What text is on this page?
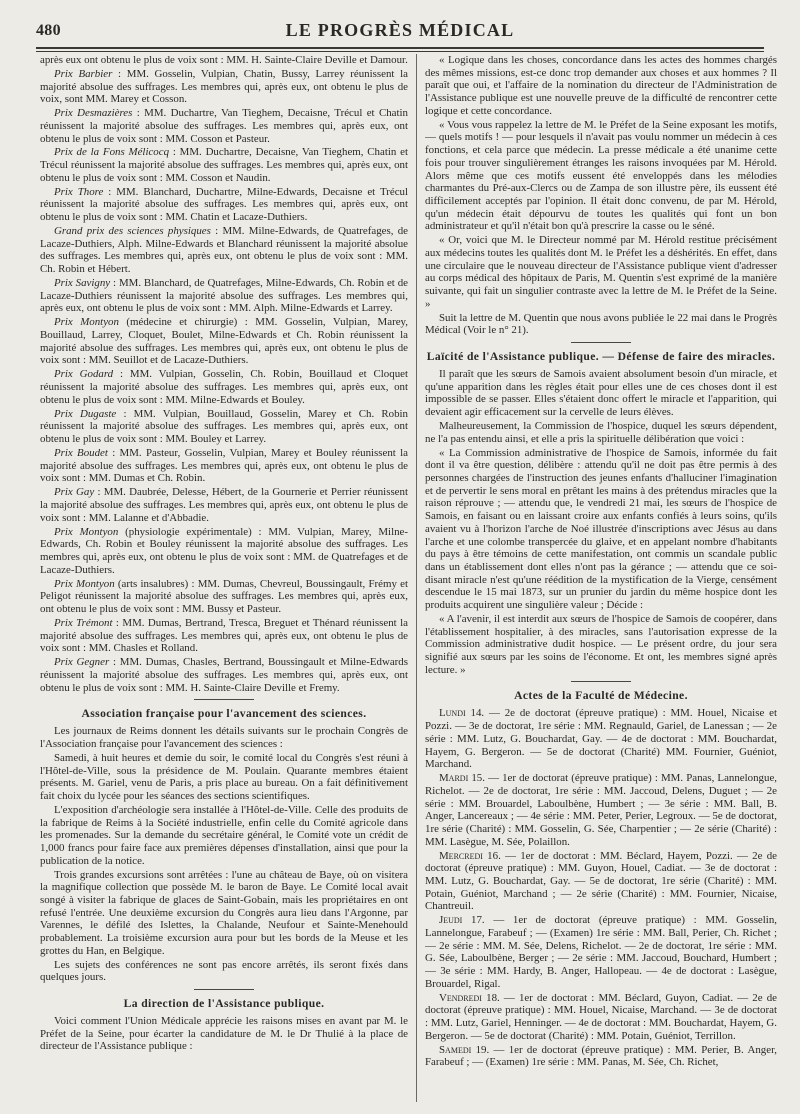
480	LE PROGRÈS MÉDICAL

après eux ont obtenu le plus de voix sont : MM. H. Sainte-Claire Deville et Damour.

Prix Barbier : MM. Gosselin, Vulpian, Chatin, Bussy, Larrey réunissent la majorité absolue des suffrages. Les membres qui, après eux, ont obtenu le plus de voix, sont MM. Marey et Cosson.

Prix Desmazières : MM. Duchartre, Van Tieghem, Decaisne, Trécul et Chatin réunissent la majorité absolue des suffrages. Les membres qui, après eux, ont obtenu le plus de voix sont : MM. Cosson et Pasteur.

Prix de la Fons Mélicocq : MM. Duchartre, Decaisne, Van Tieghem, Chatin et Trécul réunissent la majorité absolue des suffrages. Les membres qui, après eux, ont obtenu le plus de voix sont : MM. Cosson et Naudin.

Prix Thore : MM. Blanchard, Duchartre, Milne-Edwards, Decaisne et Trécul réunissent la majorité absolue des suffrages. Les membres qui, après eux, ont obtenu le plus de voix sont : MM. Chatin et Lacaze-Duthiers.

Grand prix des sciences physiques : MM. Milne-Edwards, de Quatrefages, de Lacaze-Duthiers, Alph. Milne-Edwards et Blanchard réunissent la majorité absolue des suffrages. Les membres qui, après eux, ont obtenu le plus de voix sont : MM. Ch. Robin et Hébert.

Prix Savigny : MM. Blanchard, de Quatrefages, Milne-Edwards, Ch. Robin et de Lacaze-Duthiers réunissent la majorité absolue des suffrages. Les membres qui, après eux, ont obtenu le plus de voix sont : MM. Alph. Milne-Edwards et Larrey.

Prix Montyon (médecine et chirurgie) : MM. Gosselin, Vulpian, Marey, Bouillaud, Larrey, Cloquet, Boulet, Milne-Edwards et Ch. Robin réunissent la majorité absolue des suffrages. Les membres qui, après eux, ont obtenu le plus de voix sont : MM. Seuillot et de Lacaze-Duthiers.

Prix Godard : MM. Vulpian, Gosselin, Ch. Robin, Bouillaud et Cloquet réunissent la majorité absolue des suffrages. Les membres qui, après eux, ont obtenu le plus de voix sont : MM. Milne-Edwards et Bouley.

Prix Dugaste : MM. Vulpian, Bouillaud, Gosselin, Marey et Ch. Robin réunissent la majorité absolue des suffrages. Les membres qui, après eux, ont obtenu le plus de voix sont : MM. Bouley et Larrey.

Prix Boudet : MM. Pasteur, Gosselin, Vulpian, Marey et Bouley réunissent la majorité absolue des suffrages. Les membres qui, après eux, ont obtenu le plus de voix sont : MM. Dumas et Ch. Robin.

Prix Gay : MM. Daubrée, Delesse, Hébert, de la Gournerie et Perrier réunissent la majorité absolue des suffrages. Les membres qui, après eux, ont obtenu le plus de voix sont : MM. Lalanne et d'Abbadie.

Prix Montyon (physiologie expérimentale) : MM. Vulpian, Marey, Milne-Edwards, Ch. Robin et Bouley réunissent la majorité absolue des suffrages. Les membres qui, après eux, ont obtenu le plus de voix sont : MM. de Quatrefages et de Lacaze-Duthiers.

Prix Montyon (arts insalubres) : MM. Dumas, Chevreul, Boussingault, Frémy et Peligot réunissent la majorité absolue des suffrages. Les membres qui, après eux, ont obtenu le plus de voix sont : MM. Bussy et Pasteur.

Prix Trémont : MM. Dumas, Bertrand, Tresca, Breguet et Thénard réunissent la majorité absolue des suffrages. Les membres qui, après eux, ont obtenu le plus de voix sont : MM. Chasles et Rolland.

Prix Gegner : MM. Dumas, Chasles, Bertrand, Boussingault et Milne-Edwards réunissent la majorité absolue des suffrages. Les membres qui, après eux, ont obtenu le plus de voix sont : MM. H. Sainte-Claire Deville et Fremy.

Association française pour l'avancement des sciences.

Les journaux de Reims donnent les détails suivants sur le prochain Congrès de l'Association française pour l'avancement des sciences :

Samedi, à huit heures et demie du soir, le comité local du Congrès s'est réuni à l'Hôtel-de-Ville, sous la présidence de M. Poulain. Quarante membres étaient présents. M. Gariel, venu de Paris, a pris place au bureau. On a fait définitivement fait choix du lycée pour les séances des sections scientifiques.

L'exposition d'archéologie sera installée à l'Hôtel-de-Ville. Celle des produits de la fabrique de Reims à la Société industrielle, enfin celle du Comité agricole dans les promenades. Sur la demande du secrétaire général, le Comité vote un crédit de 1,000 francs pour faire face aux premières dépenses d'installation, ainsi que pour la publication de la notice.

Trois grandes excursions sont arrêtées : l'une au château de Baye, où on visitera la magnifique collection que possède M. le baron de Baye. Le Comité local avait songé à visiter la fabrique de glaces de Saint-Gobain, mais les propriétaires en ont refusé l'entrée. Une deuxième excursion du Congrès aura lieu dans l'Argonne, par Varennes, le défilé des Islettes, la Chalande, Neufour et Sainte-Menehould probablement. La troisième excursion aura pour but les bords de la Meuse et les grottes du Han, en Belgique.

Les sujets des conférences ne sont pas encore arrêtés, ils seront fixés dans quelques jours.

La direction de l'Assistance publique.

Voici comment l'Union Médicale apprécie les raisons mises en avant par M. le Préfet de la Seine, pour écarter la candidature de M. le Dr Thulié à la place de directeur de l'Assistance publique :

« Logique dans les choses, concordance dans les actes des hommes chargés des mêmes missions, est-ce donc trop demander aux choses et aux hommes ? Il paraît que oui, et l'affaire de la nomination du directeur de l'Administration de l'Assistance publique est une nouvelle preuve de la difficulté de rencontrer cette logique et cette concordance.

« Vous vous rappelez la lettre de M. le Préfet de la Seine exposant les motifs, — quels motifs ! — pour lesquels il n'avait pas voulu nommer un médecin à ces fonctions, et cela parce que médecin. La presse médicale a été unanime cette fois pour trouver singulièrement étranges les raisons invoquées par M. Hérold. Alors même que ces motifs eussent été enveloppés dans les mélodies charmantes du Pré-aux-Clercs ou de Zampa de son illustre père, ils eussent été difficilement acceptés par l'opinion. Il était donc convenu, de par M. Hérold, qu'un médecin était dépourvu de toutes les qualités qui font un bon administrateur et qu'il n'était bon qu'à prescrire la casse ou le séné.

« Or, voici que M. le Directeur nommé par M. Hérold restitue précisément aux médecins toutes les qualités dont M. le Préfet les a déshérités. En effet, dans une circulaire que le nouveau directeur de l'Assistance publique vient d'adresser au corps médical des hôpitaux de Paris, M. Quentin s'est exprimé de la manière suivante, qui fait un singulier contraste avec la lettre de M. le Préfet de la Seine. »

Suit la lettre de M. Quentin que nous avons publiée le 22 mai dans le Progrès Médical (Voir le n° 21).

Laïcité de l'Assistance publique. — Défense de faire des miracles.

Il paraît que les sœurs de Samois avaient absolument besoin d'un miracle, et qu'une apparition dans les règles était pour elles une de ces choses dont il est impossible de se passer. Elles s'étaient donc offert le miracle et l'apparition, qui devaient agir efficacement sur la cervelle de leurs élèves.

Malheureusement, la Commission de l'hospice, duquel les sœurs dépendent, ne l'a pas entendu ainsi, et elle a pris la spirituelle délibération que voici :

« La Commission administrative de l'hospice de Samois, informée du fait dont il va être question, délibère : attendu qu'il ne doit pas être permis à des personnes chargées de l'instruction des jeunes enfants d'halluciner l'imagination et de pervertir le sens moral en prêtant les mains à des prétendus miracles que la raison réprouve ; — attendu que, le vendredi 21 mai, les sœurs de l'hospice de Samois, en faisant ou en laissant croire aux enfants confiés à leurs soins, qu'ils avaient vu à l'horizon l'arche de Noé illustrée d'inscriptions avec Jésus au dans l'arche et une colombe transpercée du glaive, et en appelant nombre d'habitants du pays à être témoins de cette manifestation, ont commis un scandale public dans un établissement dont elles n'ont pas la gérance ; — attendu que ce soi-disant miracle n'est qu'une réédition de la mystification de la Vierge, censément descendue le 15 mai 1873, sur un prunier du jardin du même hospice dont les produits acquirent une singulière valeur ; Décide :

« A l'avenir, il est interdit aux sœurs de l'hospice de Samois de coopérer, dans l'établissement hospitalier, à des miracles, sans l'autorisation expresse de la Commission administrative dudit hospice. — Le présent ordre, du jour sera signifié aux sœurs par les soins de l'économe. Et ont, les membres signé après lecture. »

Actes de la Faculté de Médecine.

Lundi 14. — 2e de doctorat (épreuve pratique) : MM. Houel, Nicaise et Pozzi. — 3e de doctorat, 1re série : MM. Regnauld, Gariel, de Lanessan ; — 2e série : MM. Lutz, G. Bouchardat, Gay. — 4e de doctorat : MM. Bouchardat, Hayem, G. Bergeron. — 5e de doctorat (Charité) MM. Fournier, Guéniot, Marchand.

Mardi 15. — 1er de doctorat (épreuve pratique) : MM. Panas, Lannelongue, Richelot. — 2e de doctorat, 1re série : MM. Jaccoud, Delens, Duguet ; — 2e série : MM. Brouardel, Laboulbène, Humbert ; — 3e série : MM. Ball, B. Anger, Lancereaux ; — 4e série : MM. Peter, Perier, Legroux. — 5e de doctorat, 1re série (Charité) : MM. Gosselin, G. Sée, Charpentier ; — 2e série (Charité) : MM. Lasègue, M. Sée, Polaillon.

Mercredi 16. — 1er de doctorat : MM. Béclard, Hayem, Pozzi. — 2e de doctorat (épreuve pratique) : MM. Guyon, Houel, Cadiat. — 3e de doctorat : MM. Lutz, G. Bouchardat, Gay. — 5e de doctorat, 1re série (Charité) : MM. Potain, Guéniot, Marchand ; — 2e série (Charité) : MM. Fournier, Nicaise, Chantreuil.

Jeudi 17. — 1er de doctorat (épreuve pratique) : MM. Gosselin, Lannelongue, Farabeuf ; — (Examen) 1re série : MM. Ball, Perier, Ch. Richet ; — 2e série : MM. M. Sée, Delens, Richelot. — 2e de doctorat, 1re série : MM. G. Sée, Laboulbène, Berger ; — 2e série : MM. Jaccoud, Bouchard, Humbert ; — 3e série : MM. Hardy, B. Anger, Hallopeau. — 4e de doctorat : Lasègue, Brouardel, Rigal.

Vendredi 18. — 1er de doctorat : MM. Béclard, Guyon, Cadiat. — 2e de doctorat (épreuve pratique) : MM. Houel, Nicaise, Marchand. — 3e de doctorat : MM. Lutz, Gariel, Henninger. — 4e de doctorat : MM. Bouchardat, Hayem, G. Bergeron. — 5e de doctorat (Charité) : MM. Potain, Guéniot, Terrillon.

Samedi 19. — 1er de doctorat (épreuve pratique) : MM. Perier, B. Anger, Farabeuf ; — (Examen) 1re série : MM. Panas, M. Sée, Ch. Richet,
